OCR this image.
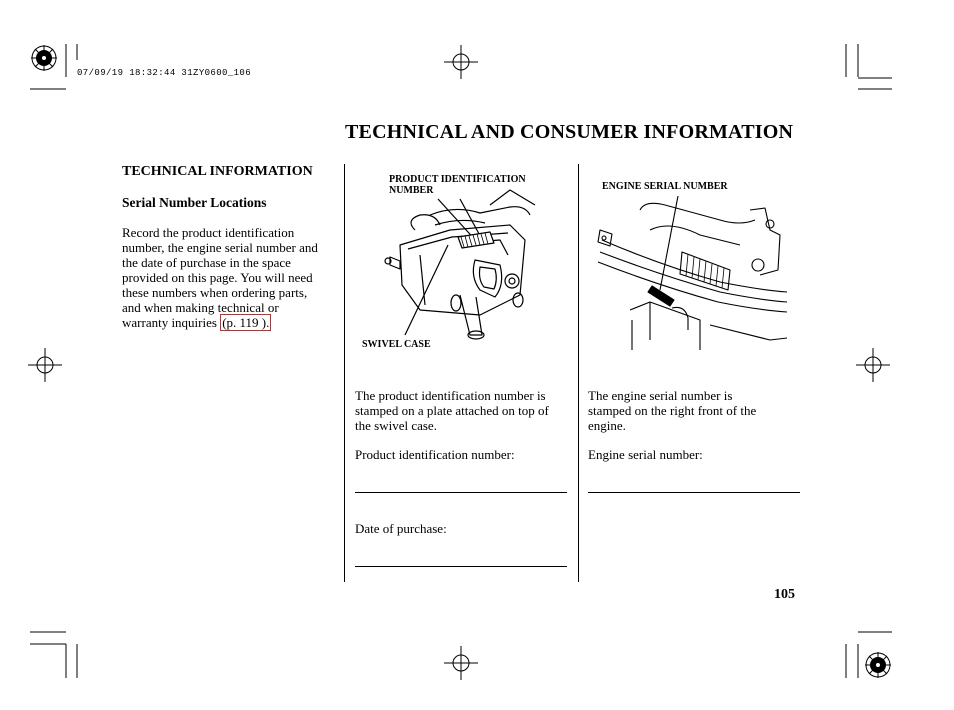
07/09/19 18:32:44 31ZY0600_106
TECHNICAL AND CONSUMER INFORMATION
TECHNICAL INFORMATION
Serial Number Locations
Record the product identification
number, the engine serial number and
the date of purchase in the space
provided on this page. You will need
these numbers when ordering parts,
and when making technical or
warranty inquiries (p. 119 ).
PRODUCT IDENTIFICATION
NUMBER
SWIVEL CASE
The product identification number is
stamped on a plate attached on top of
the swivel case.
Product identification number:
Date of purchase:
ENGINE SERIAL NUMBER
The engine serial number is
stamped on the right front of the
engine.
Engine serial number:
105
